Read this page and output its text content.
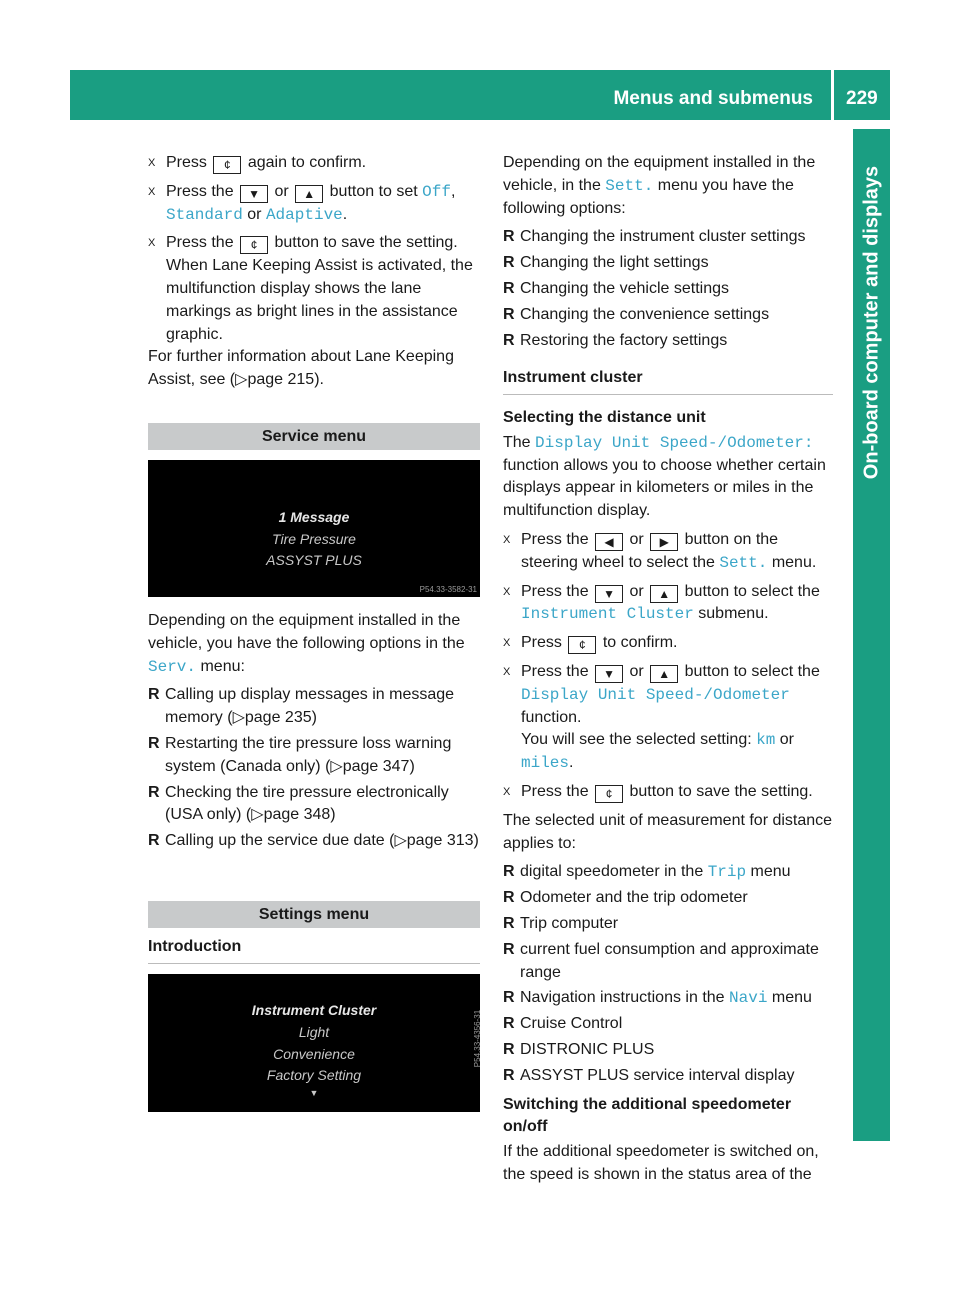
Menus and submenus 229
On-board computer and displays
X Press ¢ again to confirm.
X Press the ▼ or ▲ button to set Off,
Standard or Adaptive.
X Press the ¢ button to save the setting.
When Lane Keeping Assist is activated, the multifunction display shows the lane markings as bright lines in the assistance graphic.
For further information about Lane Keeping Assist, see (▷page 215).
Service menu
1 Message
Tire Pressure
ASSYST PLUS
P54.33-3582-31
Depending on the equipment installed in the vehicle, you have the following options in the
Serv. menu:
R Calling up display messages in message memory (▷page 235)
R Restarting the tire pressure loss warning system (Canada only) (▷page 347)
R Checking the tire pressure electronically (USA only) (▷page 348)
R Calling up the service due date (▷page 313)
Settings menu
Introduction
Instrument Cluster
Light
Convenience
Factory Setting
▼
P54.33-4356-31
Depending on the equipment installed in the vehicle, in the Sett. menu you have the following options:
R Changing the instrument cluster settings
R Changing the light settings
R Changing the vehicle settings
R Changing the convenience settings
R Restoring the factory settings
Instrument cluster
Selecting the distance unit
The Display Unit Speed-/Odometer:
function allows you to choose whether certain displays appear in kilometers or miles in the multifunction display.
X Press the ◀ or ▶ button on the steering wheel to select the Sett. menu.
X Press the ▼ or ▲ button to select the Instrument Cluster submenu.
X Press ¢ to confirm.
X Press the ▼ or ▲ button to select the Display Unit Speed-/Odometer function.
You will see the selected setting: km or
miles.
X Press the ¢ button to save the setting.
The selected unit of measurement for distance applies to:
R digital speedometer in the Trip menu
R Odometer and the trip odometer
R Trip computer
R current fuel consumption and approximate range
R Navigation instructions in the Navi menu
R Cruise Control
R DISTRONIC PLUS
R ASSYST PLUS service interval display
Switching the additional speedometer on/off
If the additional speedometer is switched on, the speed is shown in the status area of the
